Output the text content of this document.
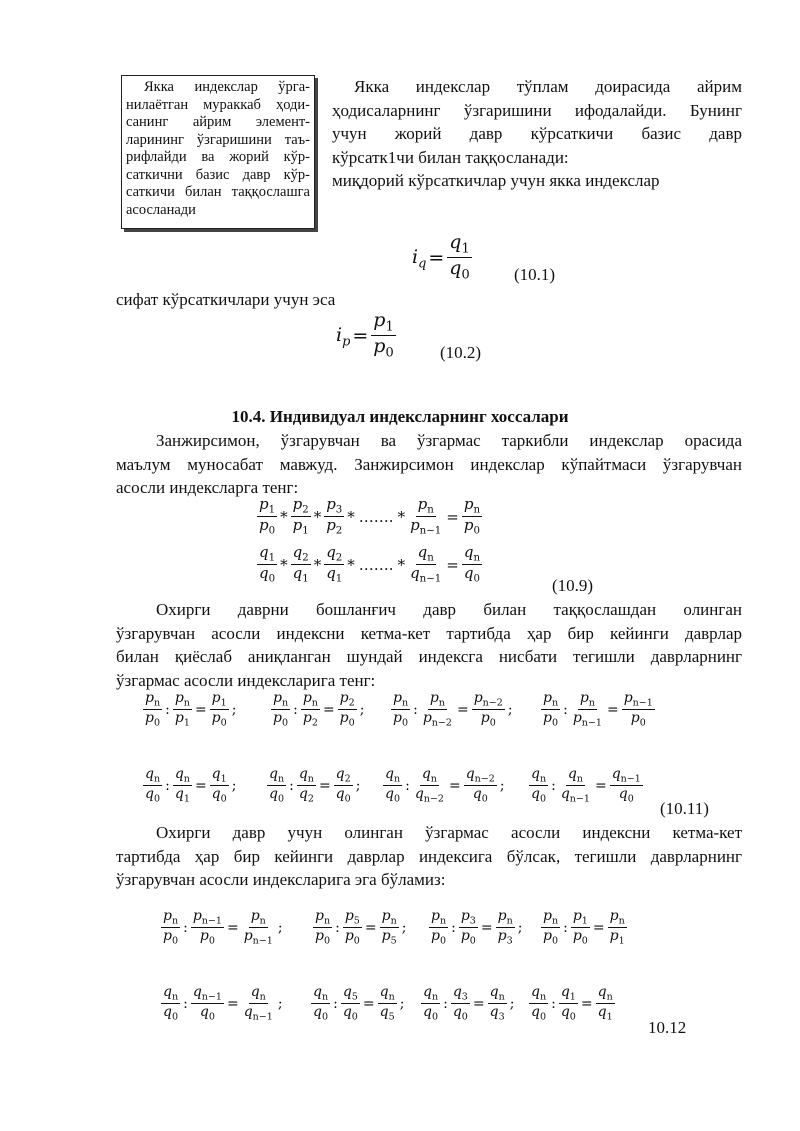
Якка индекслар ўрга-
нилаётган мураккаб ҳоди-
санинг айрим элемент-
ларининг ўзгаришини таъ-
рифлайди ва жорий кўр-
саткични базис давр кўр-
саткичи билан таққослашга
асосланади
Якка индекслар тўплам доирасида айрим
ҳодисаларнинг ўзгаришини ифодалайди. Бунинг
учун жорий давр кўрсаткичи базис давр
кўрсатк1чи билан таққосланади:
миқдорий кўрсаткичлар учун якка индекслар
$i_q = \frac{q_1}{q_0} (10.1)$
сифат кўрсаткичлари учун эса
$i_p = \frac{p_1}{p_0}$	(10.2)
10.4. Индивидуал индексларнинг хоссалари
Занжирсимон, ўзгарувчан ва ўзгармас таркибли индекслар орасида
маълум муносабат мавжуд. Занжирсимон индекслар кўпайтмаси ўзгарувчан
асосли индексларга тенг:
$\frac{p_1}{p_0} * \frac{p_2}{p_1} * \frac{p_3}{p_2}$ * ……. * $\frac{p_n}{p_{n-1}} = \frac{p_n}{p_0}$
$\frac{q_1}{q_0} * \frac{q_2}{q_1} * \frac{q_2}{q_1}$ * ……. * $\frac{q_n}{q_{n-1}} = \frac{q_n}{q_0}$	(10.9)
Охирги даврни бошланғич давр билан таққослашдан олинган
ўзгарувчан асосли индексни кетма-кет тартибда ҳар бир кейинги даврлар
билан қиёслаб аниқланган шундай индексга нисбати тегишли даврларнинг
ўзгармас асосли индексларига тенг:
$\frac{p_n}{p_0}$ : $\frac{p_n}{p_1} = \frac{p_1}{p_0}$ ; $\frac{p_n}{p_0}$ : $\frac{p_n}{p_2} = \frac{p_2}{p_0}$ ; $\frac{p_n}{p_0}$ : $\frac{p_n}{p_{n-2}} = \frac{p_{n-2}}{p_0}$ ; $\frac{p_n}{p_0}$ : $\frac{p_n}{p_{n-1}} = \frac{p_{n-1}}{p_0}$
$\frac{q_n}{q_0}$ : $\frac{q_n}{q_1} = \frac{q_1}{q_0}$ ; $\frac{q_n}{q_0}$ : $\frac{q_n}{q_2} = \frac{q_2}{q_0}$ ; $\frac{q_n}{q_0}$ : $\frac{q_n}{q_{n-2}} = \frac{q_{n-2}}{q_0}$ ; $\frac{q_n}{q_0}$ : $\frac{q_n}{q_{n-1}} = \frac{q_{n-1}}{q_0}$
(10.11)
Охирги давр учун олинган ўзгармас асосли индексни кетма-кет
тартибда ҳар бир кейинги даврлар индексига бўлсак, тегишли даврларнинг
ўзгарувчан асосли индексларига эга бўламиз:
$\frac{p_n}{p_0}$ : $\frac{p_{n-1}}{p_0} = \frac{p_n}{p_{n-1}}$ ; $\frac{p_n}{p_0}$ : $\frac{p_5}{p_0} = \frac{p_n}{p_5}$ ; $\frac{p_n}{p_0}$ : $\frac{p_3}{p_0} = \frac{p_n}{p_3}$ ; $\frac{p_n}{p_0}$ : $\frac{p_1}{p_0} = \frac{p_n}{p_1}$
$\frac{q_n}{q_0}$ : $\frac{q_{n-1}}{q_0} = \frac{q_n}{q_{n-1}}$ ; $\frac{q_n}{q_0}$ : $\frac{q_5}{q_0} = \frac{q_n}{q_5}$ ; $\frac{q_n}{q_0}$ : $\frac{q_3}{q_0} = \frac{q_n}{q_3}$ ; $\frac{q_n}{q_0}$ : $\frac{q_1}{q_0} = \frac{q_n}{q_1}$
10.12
